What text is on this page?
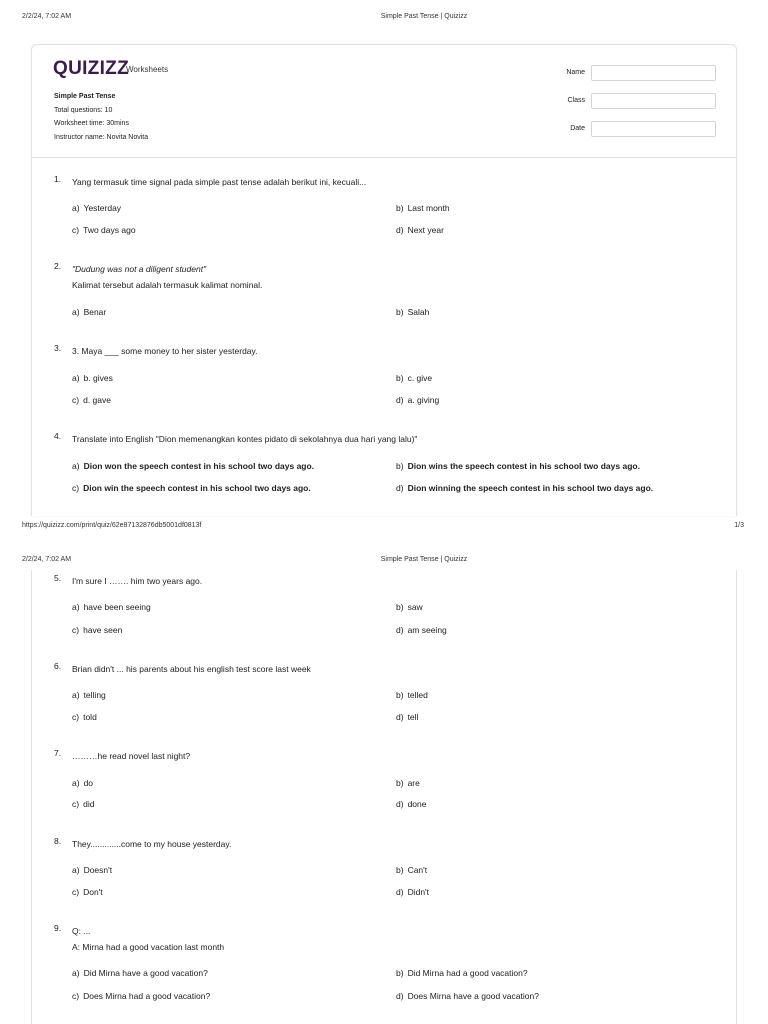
2/2/24, 7:02 AM	Simple Past Tense | Quizizz
QUIZIZZ
Worksheets
Simple Past Tense
Total questions: 10
Worksheet time: 30mins
Instructor name: Novita Novita
Name
Class
Date
1. Yang termasuk time signal pada simple past tense adalah berikut ini, kecuali...
a) Yesterday	b) Last month
c) Two days ago	d) Next year
2. "Dudung was not a diligent student"
Kalimat tersebut adalah termasuk kalimat nominal.
a) Benar	b) Salah
3. 3. Maya ___ some money to her sister yesterday.
a) b. gives	b) c. give
c) d. gave	d) a. giving
4. Translate into English "Dion memenangkan kontes pidato di sekolahnya dua hari yang lalu)"
a) Dion won the speech contest in his school two days ago.	b) Dion wins the speech contest in his school two days ago.
c) Dion win the speech contest in his school two days ago.	d) Dion winning the speech contest in his school two days ago.
https://quizizz.com/print/quiz/62e87132876db5001df0813f	1/3
2/2/24, 7:02 AM	Simple Past Tense | Quizizz
5. I'm sure I ……. him two years ago.
a) have been seeing	b) saw
c) have seen	d) am seeing
6. Brian didn't ... his parents about his english test score last week
a) telling	b) telled
c) told	d) tell
7. ………he read novel last night?
a) do	b) are
c) did	d) done
8. They.............come to my house yesterday.
a) Doesn't	b) Can't
c) Don't	d) Didn't
9. Q: ...
A: Mirna had a good vacation last month
a) Did Mirna have a good vacation?	b) Did Mirna had a good vacation?
c) Does Mirna had a good vacation?	d) Does Mirna have a good vacation?
